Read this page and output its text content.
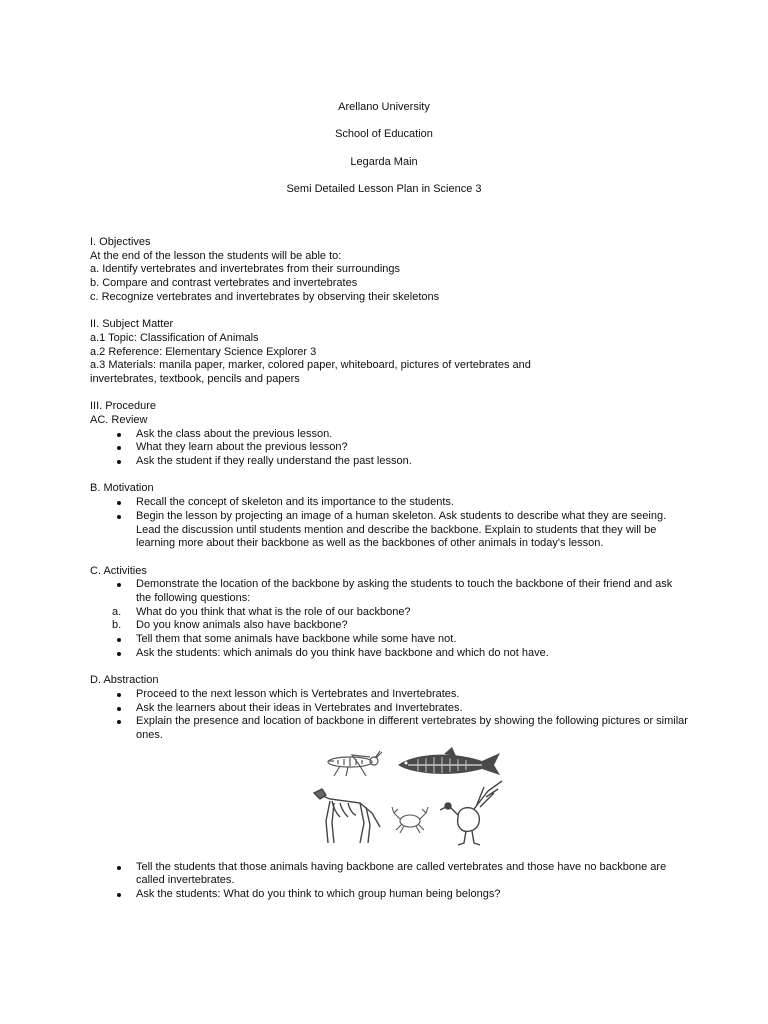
Arellano University
School of Education
Legarda Main
Semi Detailed Lesson Plan in Science 3
I. Objectives
At the end of the lesson the students will be able to:
a. Identify vertebrates and invertebrates from their surroundings
b. Compare and contrast vertebrates and invertebrates
c. Recognize vertebrates and invertebrates by observing their skeletons
II. Subject Matter
a.1 Topic: Classification of Animals
a.2 Reference: Elementary Science Explorer 3
a.3 Materials: manila paper, marker, colored paper, whiteboard, pictures of vertebrates and
invertebrates, textbook, pencils and papers
III. Procedure
AC. Review
Ask the class about the previous lesson.
What they learn about the previous lesson?
Ask the student if they really understand the past lesson.
B. Motivation
Recall the concept of skeleton and its importance to the students.
Begin the lesson by projecting an image of a human skeleton. Ask students to describe what they are seeing. Lead the discussion until students mention and describe the backbone. Explain to students that they will be learning more about their backbone as well as the backbones of other animals in today's lesson.
C. Activities
Demonstrate the location of the backbone by asking the students to touch the backbone of their friend and ask the following questions:
a.	What do you think that what is the role of our backbone?
b.	Do you know animals also have backbone?
Tell them that some animals have backbone while some have not.
Ask the students: which animals do you think have backbone and which do not have.
D. Abstraction
Proceed to the next lesson which is Vertebrates and Invertebrates.
Ask the learners about their ideas in Vertebrates and Invertebrates.
Explain the presence and location of backbone in different vertebrates by showing the following pictures or similar ones.
Tell the students that those animals having backbone are called vertebrates and those have no backbone are called invertebrates.
Ask the students: What do you think to which group human being belongs?
